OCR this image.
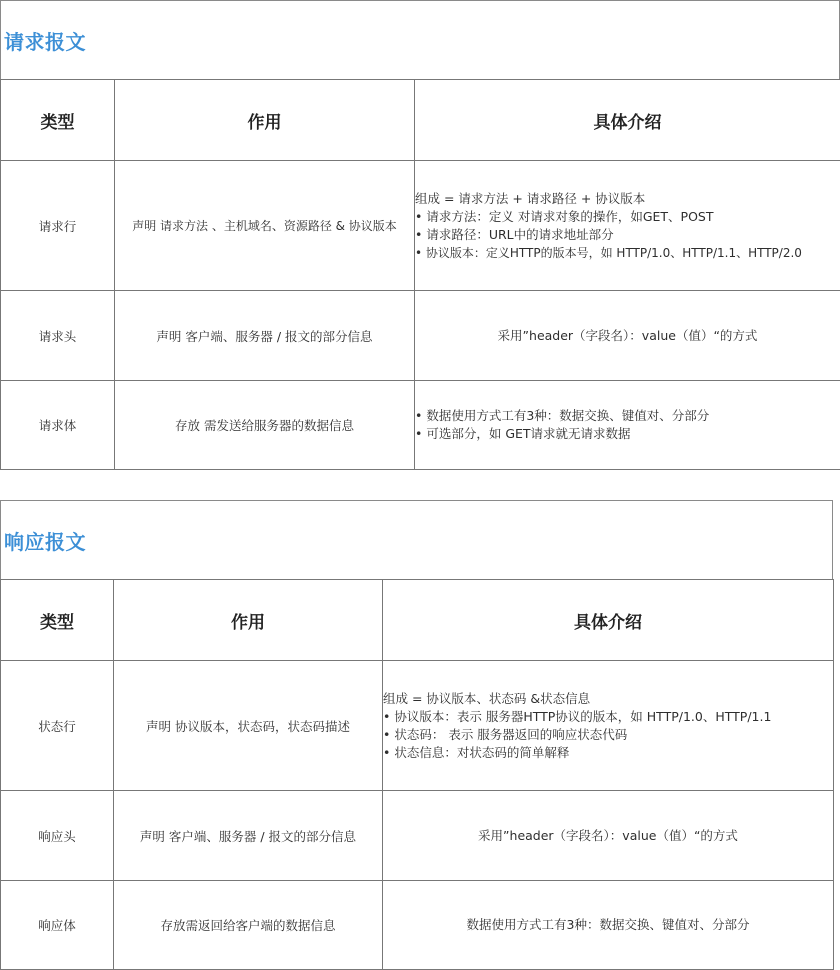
请求报文
类型	作用	具体介绍
请求行	声明 请求方法 、主机域名、资源路径 & 协议版本	组成 = 请求方法 + 请求路径 + 协议版本
• 请求方法：定义 对请求对象的操作，如GET、POST
• 请求路径：URL中的请求地址部分
• 协议版本：定义HTTP的版本号，如 HTTP/1.0、HTTP/1.1、HTTP/2.0

请求头	声明 客户端、服务器 / 报文的部分信息	采用”header（字段名）：value（值）“的方式

请求体	存放 需发送给服务器的数据信息	• 数据使用方式工有3种：数据交换、键值对、分部分
• 可选部分，如 GET请求就无请求数据
响应报文
类型	作用	具体介绍
状态行	声明 协议版本，状态码，状态码描述	组成 = 协议版本、状态码 &状态信息
• 协议版本：表示 服务器HTTP协议的版本，如 HTTP/1.0、HTTP/1.1
• 状态码： 表示 服务器返回的响应状态代码
• 状态信息：对状态码的简单解释

响应头	声明 客户端、服务器 / 报文的部分信息	采用”header（字段名）：value（值）“的方式

响应体	存放需返回给客户端的数据信息	数据使用方式工有3种：数据交换、键值对、分部分
